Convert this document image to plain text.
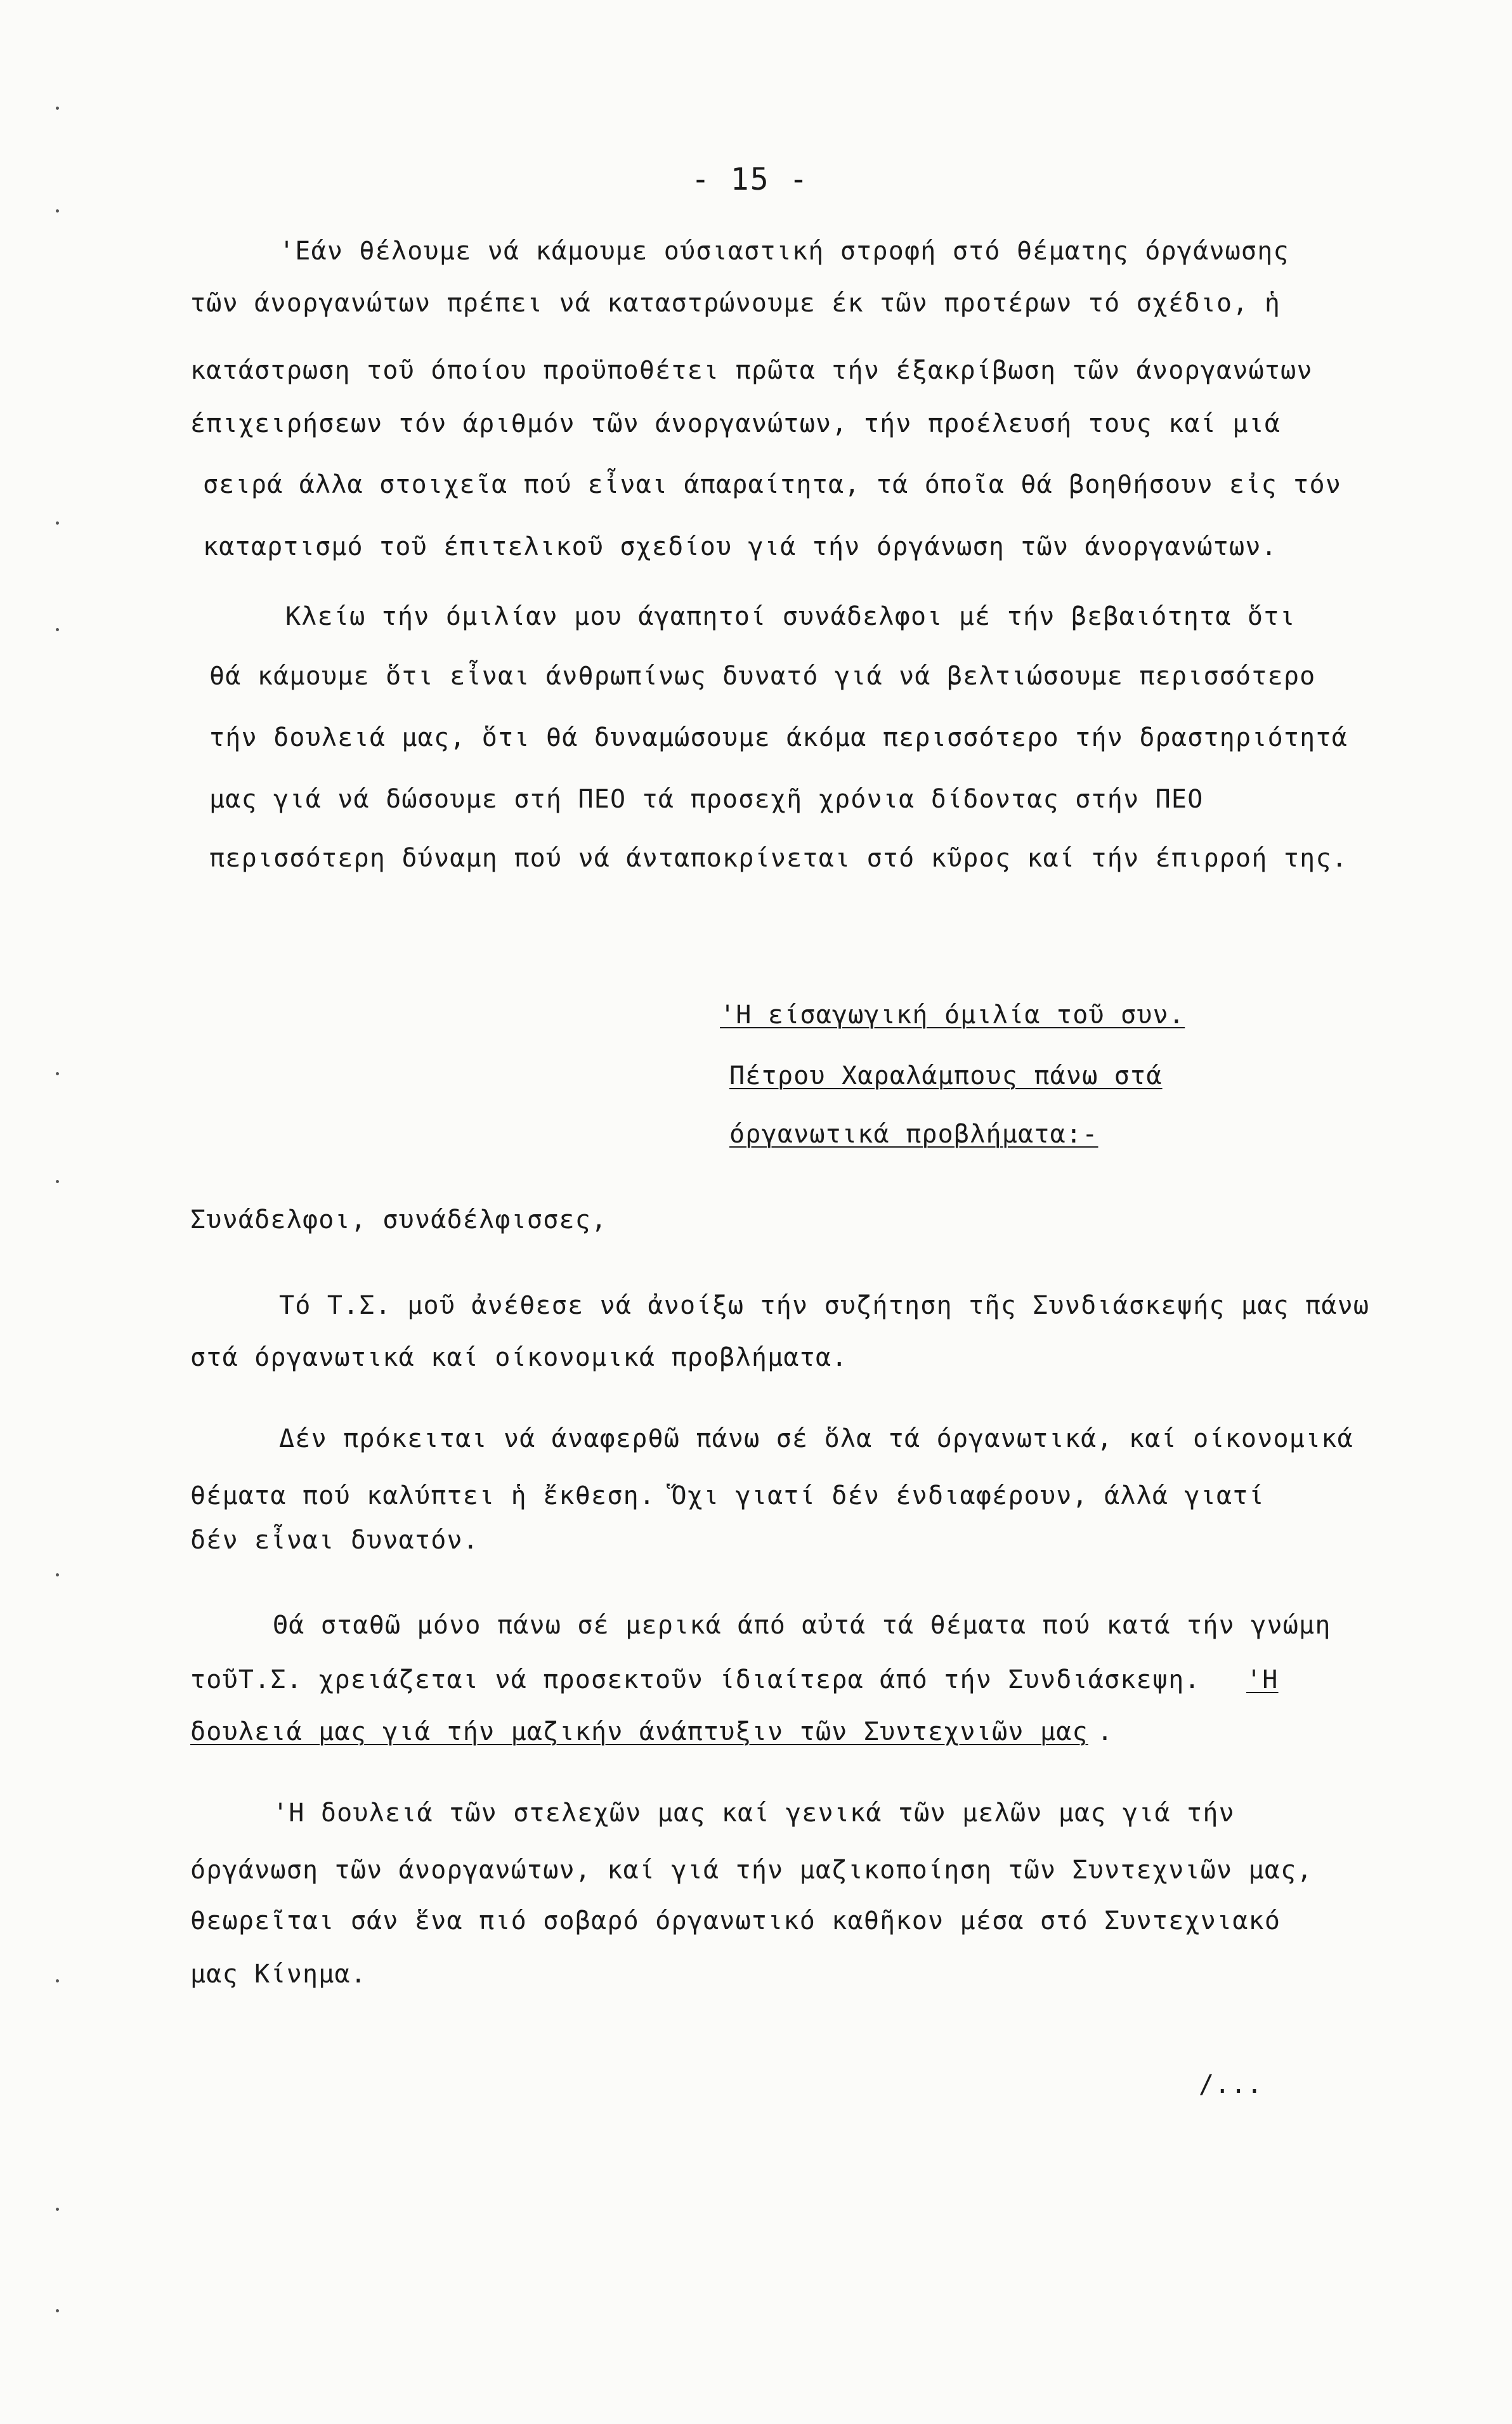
- 15 -
'Εάν θέλουμε νά κάμουμε ούσιαστική στροφή στό θέματης όργάνωσης
τῶν άνοργανώτων πρέπει νά καταστρώνουμε έκ τῶν προτέρων τό σχέδιο, ἡ
κατάστρωση τοῦ όποίου προϋποθέτει πρῶτα τήν έξακρίβωση τῶν άνοργανώτων
έπιχειρήσεων τόν άριθμόν τῶν άνοργανώτων, τήν προέλευσή τους καί μιά
σειρά άλλα στοιχεῖα πού εἶναι άπαραίτητα, τά όποῖα θά βοηθήσουν εἰς τόν
καταρτισμό τοῦ έπιτελικοῦ σχεδίου γιά τήν όργάνωση τῶν άνοργανώτων.
Κλείω τήν όμιλίαν μου άγαπητοί συνάδελφοι μέ τήν βεβαιότητα ὅτι
θά κάμουμε ὅτι εἶναι άνθρωπίνως δυνατό γιά νά βελτιώσουμε περισσότερο
τήν δουλειά μας, ὅτι θά δυναμώσουμε άκόμα περισσότερο τήν δραστηριότητά
μας γιά νά δώσουμε στή ΠΕΟ τά προσεχῆ χρόνια δίδοντας στήν ΠΕΟ
περισσότερη δύναμη πού νά άνταποκρίνεται στό κῦρος καί τήν έπιρροή της.
'Η είσαγωγική όμιλία τοῦ συν.
Πέτρου Χαραλάμπους πάνω στά
όργανωτικά προβλήματα:-
Συνάδελφοι, συνάδέλφισσες,
Τό Τ.Σ. μοῦ ἀνέθεσε νά ἀνοίξω τήν συζήτηση τῆς Συνδιάσκεψής μας πάνω
στά όργανωτικά καί οίκονομικά προβλήματα.
Δέν πρόκειται νά άναφερθῶ πάνω σέ ὅλα τά όργανωτικά, καί οίκονομικά
θέματα πού καλύπτει ἡ ἔκθεση. Ὅχι γιατί δέν ένδιαφέρουν, άλλά γιατί
δέν εἶναι δυνατόν.
Θά σταθῶ μόνο πάνω σέ μερικά άπό αὐτά τά θέματα πού κατά τήν γνώμη
τοῦΤ.Σ. χρειάζεται νά προσεκτοῦν ίδιαίτερα άπό τήν Συνδιάσκεψη. 'Η
δουλειά μας γιά τήν μαζικήν άνάπτυξιν τῶν Συντεχνιῶν μας .
'Η δουλειά τῶν στελεχῶν μας καί γενικά τῶν μελῶν μας γιά τήν
όργάνωση τῶν άνοργανώτων, καί γιά τήν μαζικοποίηση τῶν Συντεχνιῶν μας,
θεωρεῖται σάν ἕνα πιό σοβαρό όργανωτικό καθῆκον μέσα στό Συντεχνιακό
μας Κίνημα.
/...
